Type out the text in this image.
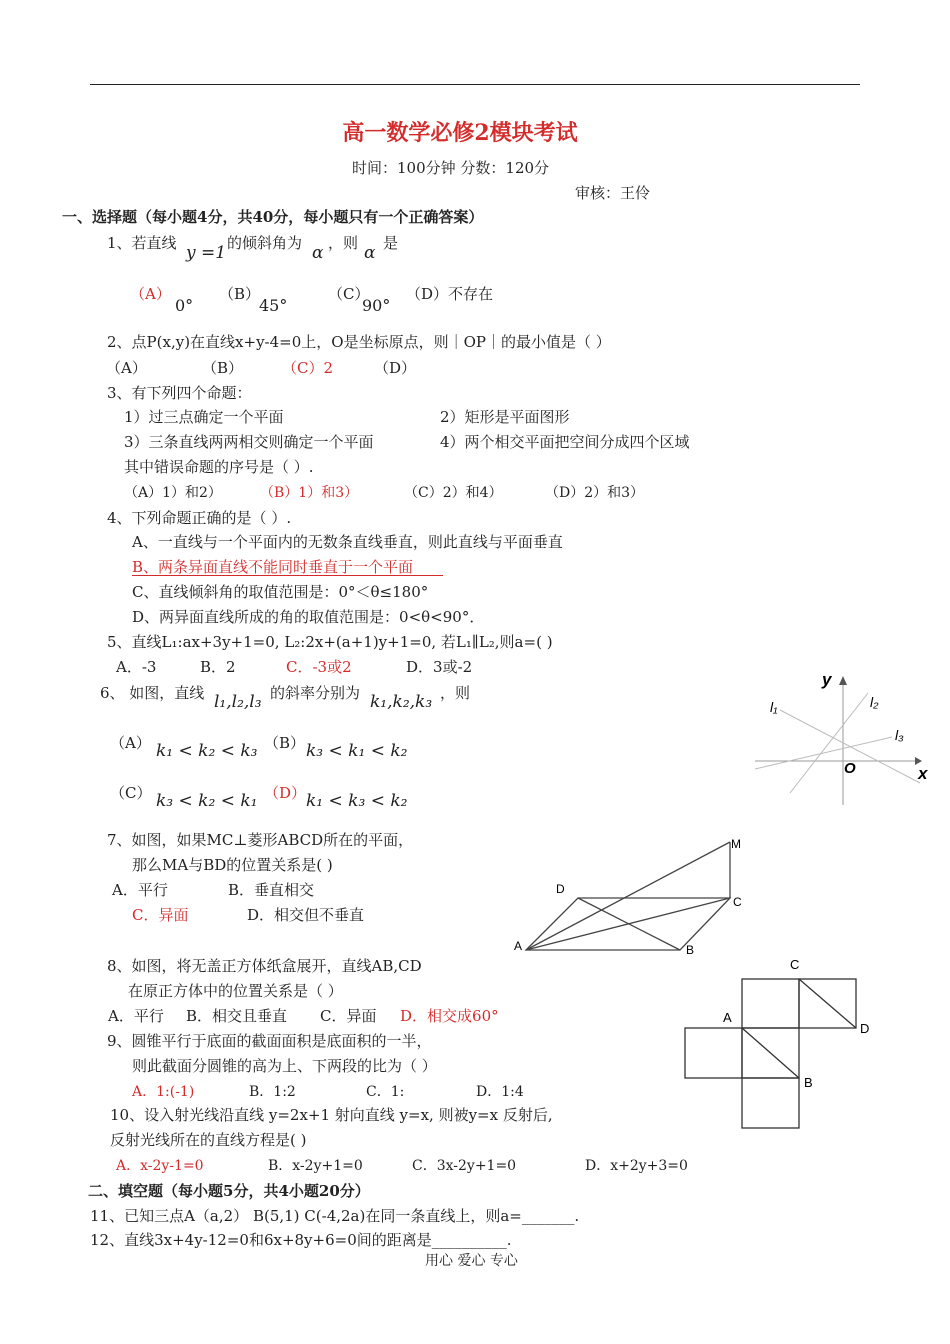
高一数学必修2模块考试
时间：100分钟 分数：120分
审核：王伶
一、选择题（每小题4分，共40分，每小题只有一个正确答案）
1、若直线 y =1 的倾斜角为 α ，则 α 是
（A）
0°
（B）
45°
（C）
90°
（D）不存在
2、点P(x,y)在直线x+y-4=0上，O是坐标原点，则｜OP｜的最小值是（ ）
（A）	（B）	（C）2	（D）
3、有下列四个命题：
1）过三点确定一个平面	2）矩形是平面图形
3）三条直线两两相交则确定一个平面	4）两个相交平面把空间分成四个区域
其中错误命题的序号是（ ）.
（A）1）和2）	（B）1）和3）	（C）2）和4）	（D）2）和3）
4、下列命题正确的是（ ）.
A、一直线与一个平面内的无数条直线垂直，则此直线与平面垂直
B、两条异面直线不能同时垂直于一个平面
C、直线倾斜角的取值范围是：0°＜θ≤180°
D、两异面直线所成的角的取值范围是：0<θ<90°．
5、直线L₁:ax+3y+1=0, L₂:2x+(a+1)y+1=0, 若L₁∥L₂,则a=( )
A．-3	B．2	C．-3或2	D．3或-2
6、 如图，直线 l₁,l₂,l₃ 的斜率分别为 k₁,k₂,k₃ ，则
（A） k₁ < k₂ < k₃ （B） k₃ < k₁ < k₂
（C） k₃ < k₂ < k₁ （D） k₁ < k₃ < k₂
y
x
O
l₁	l₂
l₃
7、如图，如果MC⊥菱形ABCD所在的平面，
那么MA与BD的位置关系是( )
A．平行	B．垂直相交
C．异面	D．相交但不垂直
M
D
C
A	B
8、如图，将无盖正方体纸盒展开，直线AB,CD
在原正方体中的位置关系是（ ）
A．平行 B．相交且垂直 C．异面 D．相交成60°
C
A
D
B
9、圆锥平行于底面的截面面积是底面积的一半，
则此截面分圆锥的高为上、下两段的比为（ ）
A．1:(-1)	B．1:2	C．1:	D．1:4
10、设入射光线沿直线 y=2x+1 射向直线 y=x, 则被y=x 反射后,
反射光线所在的直线方程是( )
A．x-2y-1=0	B．x-2y+1=0	C．3x-2y+1=0	D．x+2y+3=0
二、填空题（每小题5分，共4小题20分）
11、已知三点A（a,2） B(5,1) C(-4,2a)在同一条直线上，则a=_______.
12、直线3x+4y-12=0和6x+8y+6=0间的距离是__________.
用心 爱心 专心
